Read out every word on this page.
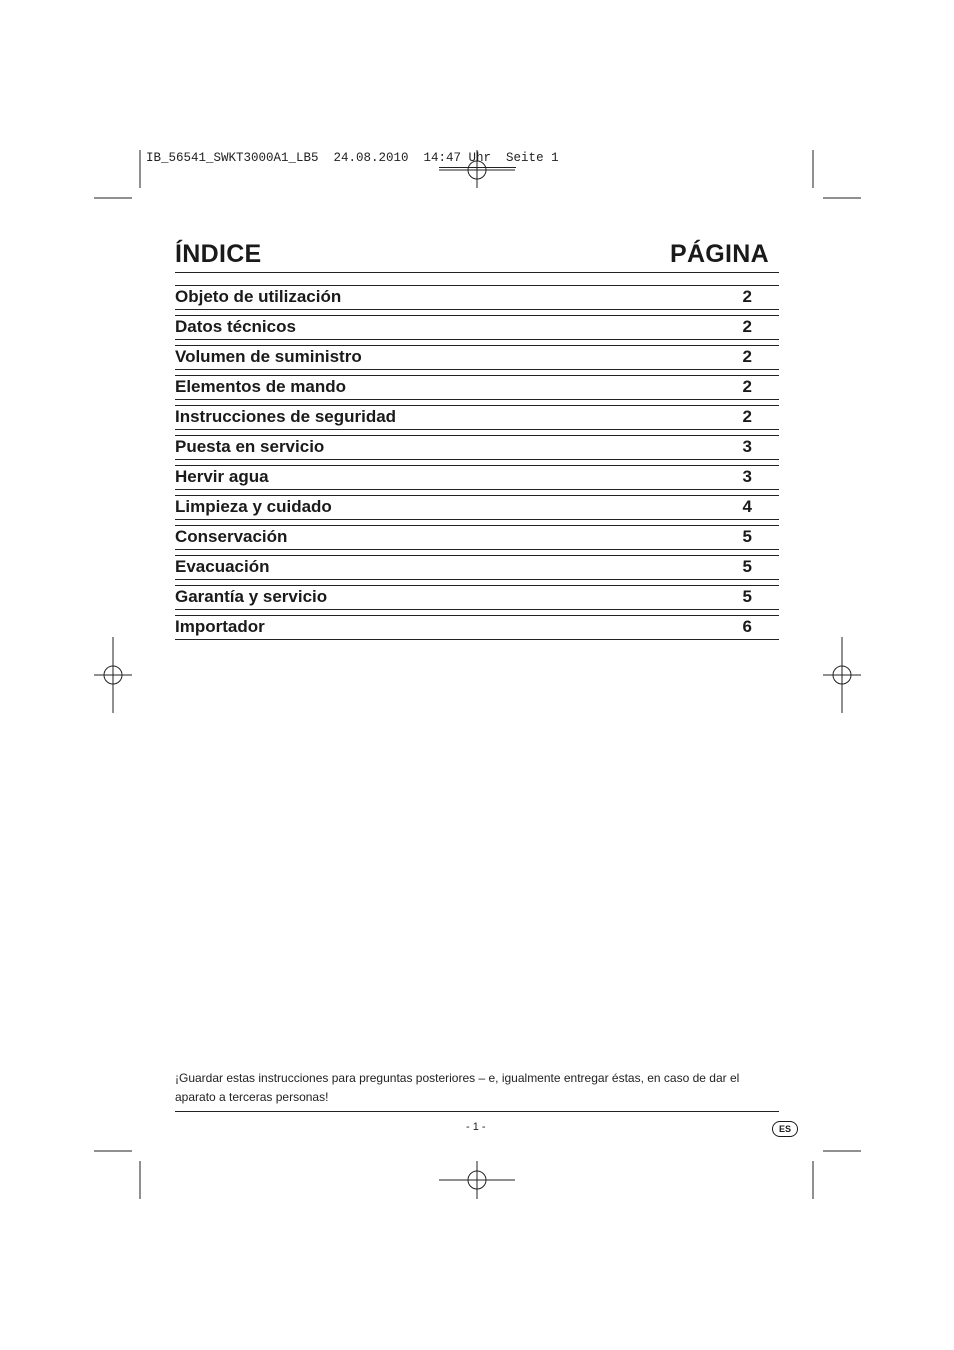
IB_56541_SWKT3000A1_LB5  24.08.2010  14:47 Uhr  Seite 1
ÍNDICE	PÁGINA
Objeto de utilización	2
Datos técnicos	2
Volumen de suministro	2
Elementos de mando	2
Instrucciones de seguridad	2
Puesta en servicio	3
Hervir agua	3
Limpieza y cuidado	4
Conservación	5
Evacuación	5
Garantía y servicio	5
Importador	6
¡Guardar estas instrucciones para preguntas posteriores – e, igualmente entregar éstas, en caso de dar el
aparato a terceras personas!
- 1 -	ES
